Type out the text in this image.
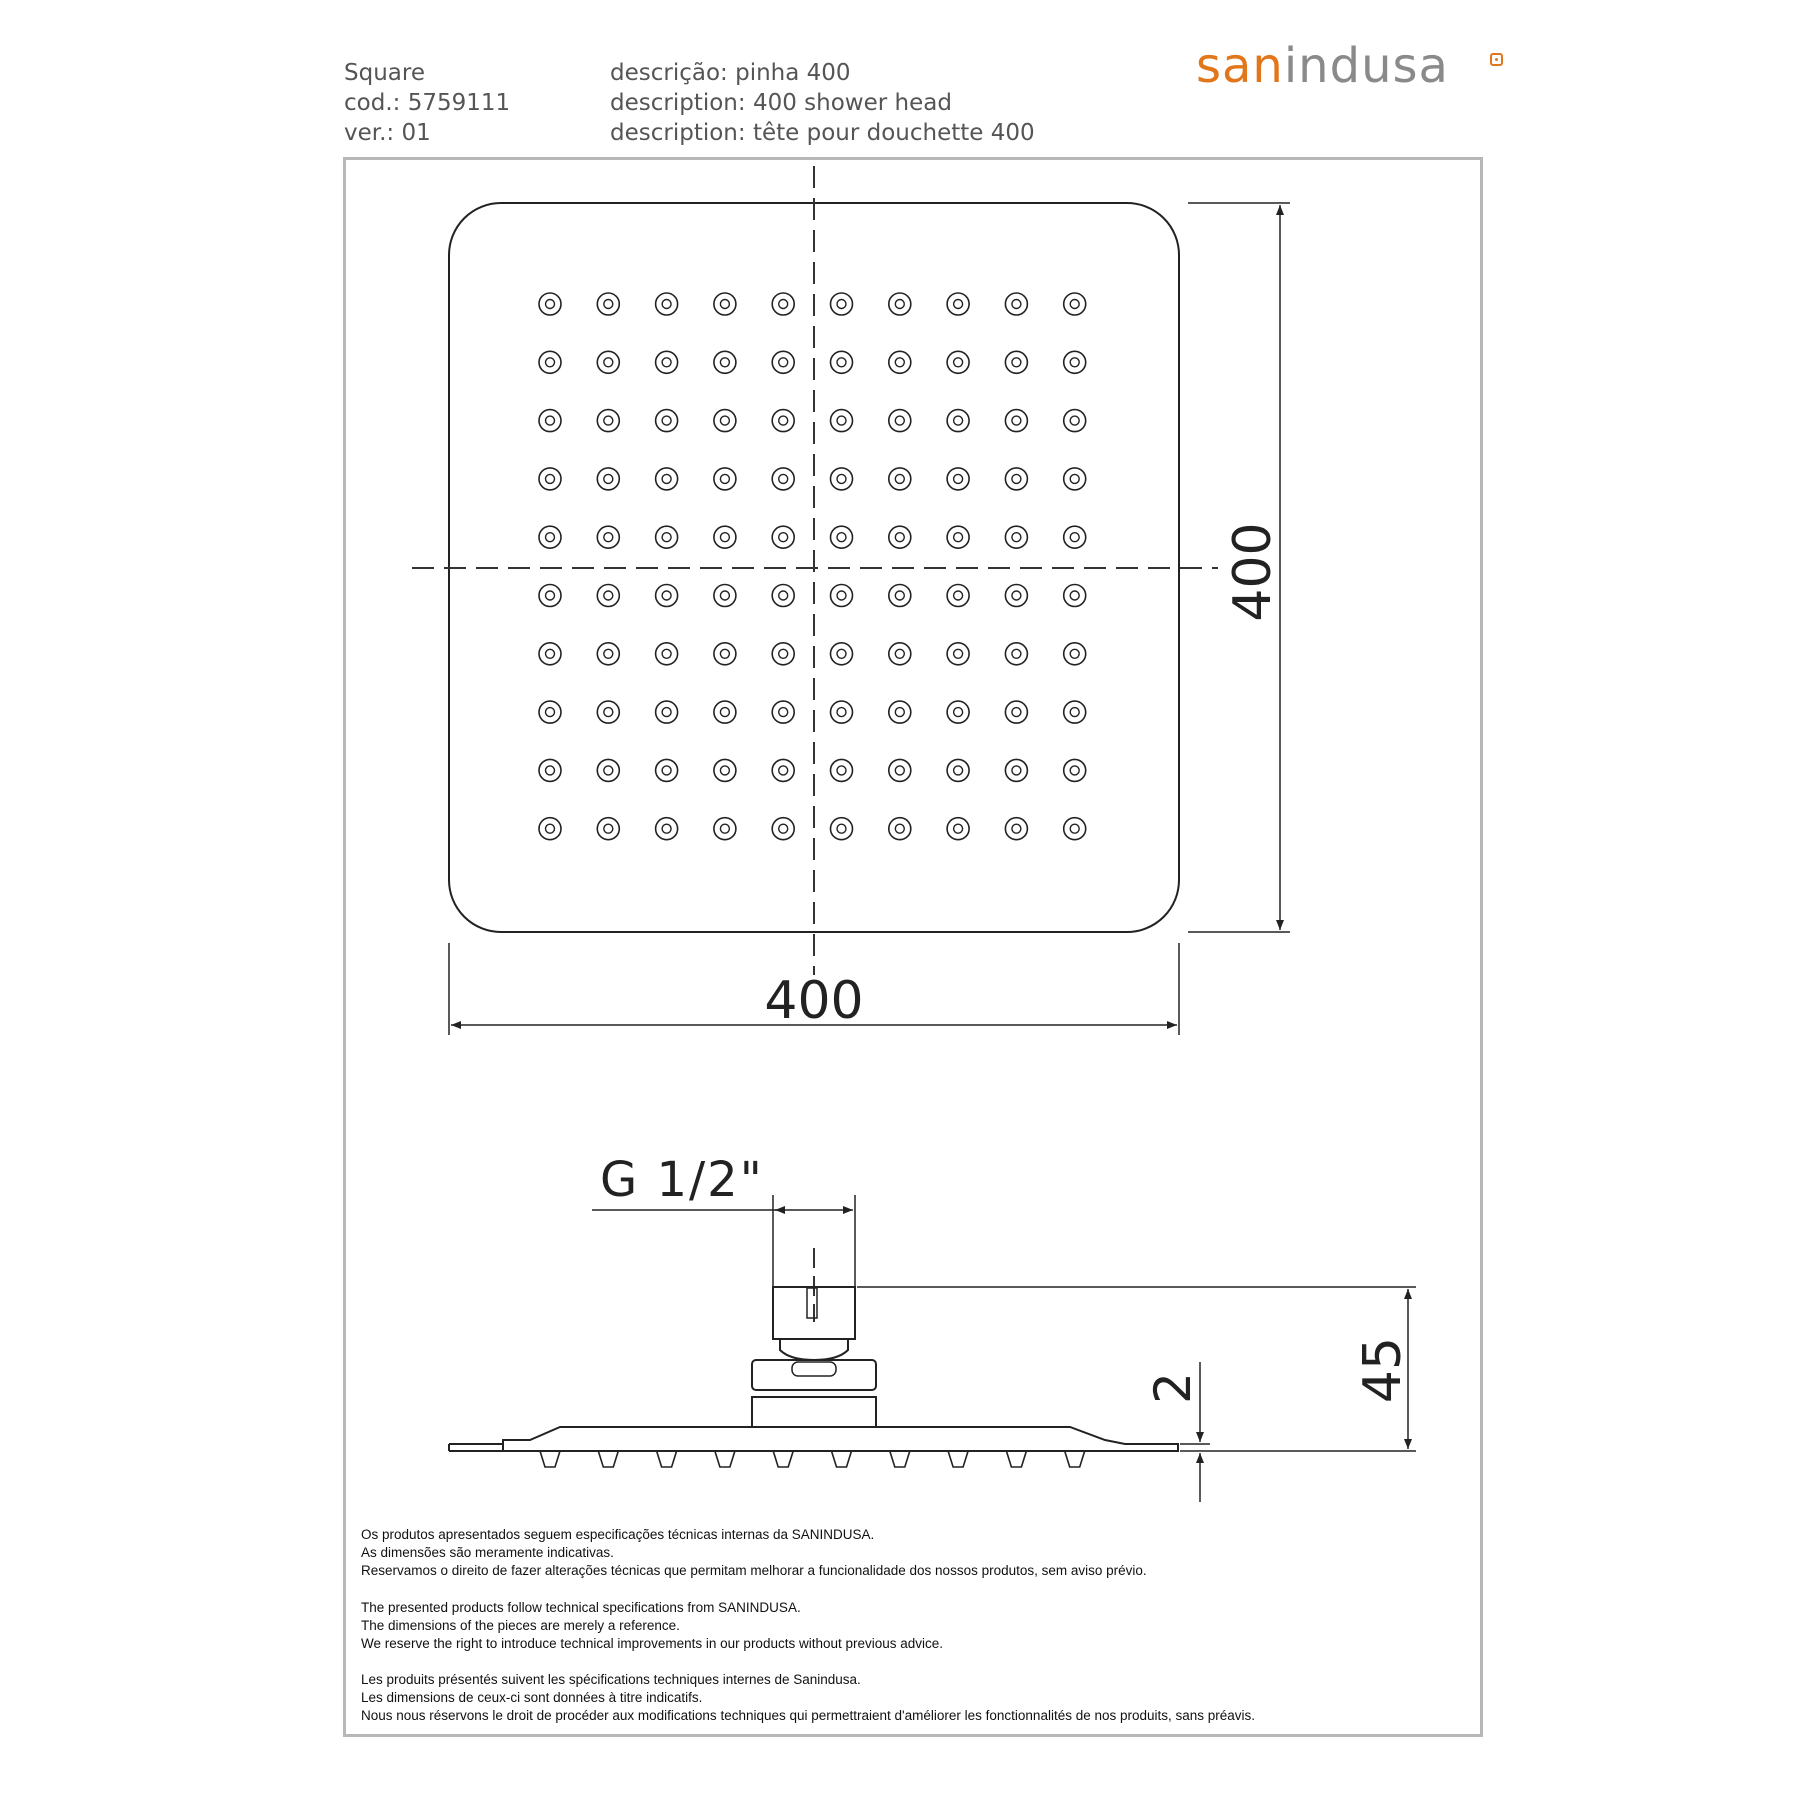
Square
cod.: 5759111
ver.: 01
descrição: pinha 400
description: 400 shower head
description: tête pour douchette 400
sanindusa
400
400
G 1/2"
45
2
Os produtos apresentados seguem especificações técnicas internas da SANINDUSA.
As dimensões são meramente indicativas.
Reservamos o direito de fazer alterações técnicas que permitam melhorar a funcionalidade dos nossos produtos, sem aviso prévio.
The presented products follow technical specifications from SANINDUSA.
The dimensions of the pieces are merely a reference.
We reserve the right to introduce technical improvements in our products without previous advice.
Les produits présentés suivent les spécifications techniques internes de Sanindusa.
Les dimensions de ceux-ci sont données à titre indicatifs.
Nous nous réservons le droit de procéder aux modifications techniques qui permettraient d'améliorer les fonctionnalités de nos produits, sans préavis.
